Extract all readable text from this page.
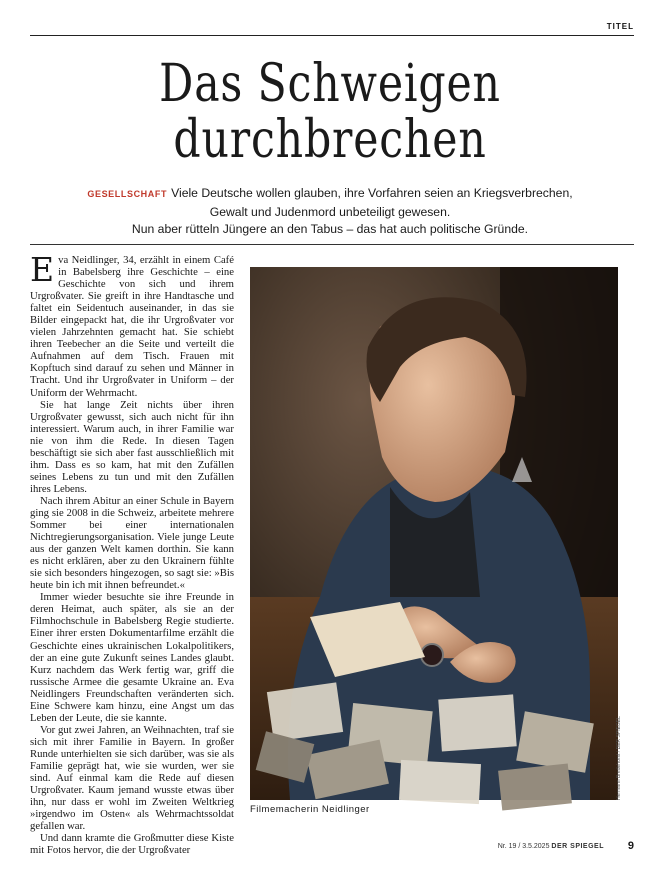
TITEL
Das Schweigen
durchbrechen
GESELLSCHAFT Viele Deutsche wollen glauben, ihre Vorfahren seien an Kriegsverbrechen,
Gewalt und Judenmord unbeteiligt gewesen.
Nun aber rütteln Jüngere an den Tabus – das hat auch politische Gründe.

Eva Neidlinger, 34, erzählt in einem Café in Babelsberg ihre Geschichte – eine Geschichte von sich und ihrem Urgroßvater. Sie greift in ihre Handtasche und faltet ein Seidentuch auseinander, in das sie Bilder eingepackt hat, die ihr Urgroßvater vor vielen Jahrzehnten gemacht hat. Sie schiebt ihren Teebecher an die Seite und verteilt die Aufnahmen auf dem Tisch. Frauen mit Kopftuch sind darauf zu sehen und Männer in Tracht. Und ihr Urgroßvater in Uniform – der Uniform der Wehrmacht.

Sie hat lange Zeit nichts über ihren Urgroßvater gewusst, sich auch nicht für ihn interessiert. Warum auch, in ihrer Familie war nie von ihm die Rede. In diesen Tagen beschäftigt sie sich aber fast ausschließlich mit ihm. Dass es so kam, hat mit den Zufällen seines Lebens zu tun und mit den Zufällen ihres Lebens.

Nach ihrem Abitur an einer Schule in Bayern ging sie 2008 in die Schweiz, arbeitete mehrere Sommer bei einer internationalen Nichtregierungsorganisation. Viele junge Leute aus der ganzen Welt kamen dorthin. Sie kann es nicht erklären, aber zu den Ukrainern fühlte sie sich besonders hingezogen, so sagt sie: »Bis heute bin ich mit ihnen befreundet.«

Immer wieder besuchte sie ihre Freunde in deren Heimat, auch später, als sie an der Filmhochschule in Babelsberg Regie studierte. Einer ihrer ersten Dokumentarfilme erzählt die Geschichte eines ukrainischen Lokalpolitikers, der an eine gute Zukunft seines Landes glaubt. Kurz nachdem das Werk fertig war, griff die russische Armee die gesamte Ukraine an. Eva Neidlingers Freundschaften veränderten sich. Eine Schwere kam hinzu, eine Angst um das Leben der Leute, die sie kannte.

Vor gut zwei Jahren, an Weihnachten, traf sie sich mit ihrer Familie in Bayern. In großer Runde unterhielten sie sich darüber, was sie als Familie geprägt hat, wie sie wurden, wer sie sind. Auf einmal kam die Rede auf diesen Urgroßvater. Kaum jemand wusste etwas über ihn, nur dass er wohl im Zweiten Weltkrieg »irgendwo im Osten« als Wehrmachtssoldat gefallen war.

Und dann kramte die Großmutter diese Kiste mit Fotos hervor, die der Urgroßvater

Hermann Bredehorst / DER SPIEGEL
Filmemacherin Neidlinger
Nr. 19 / 3.5.2025 DER SPIEGEL 9
